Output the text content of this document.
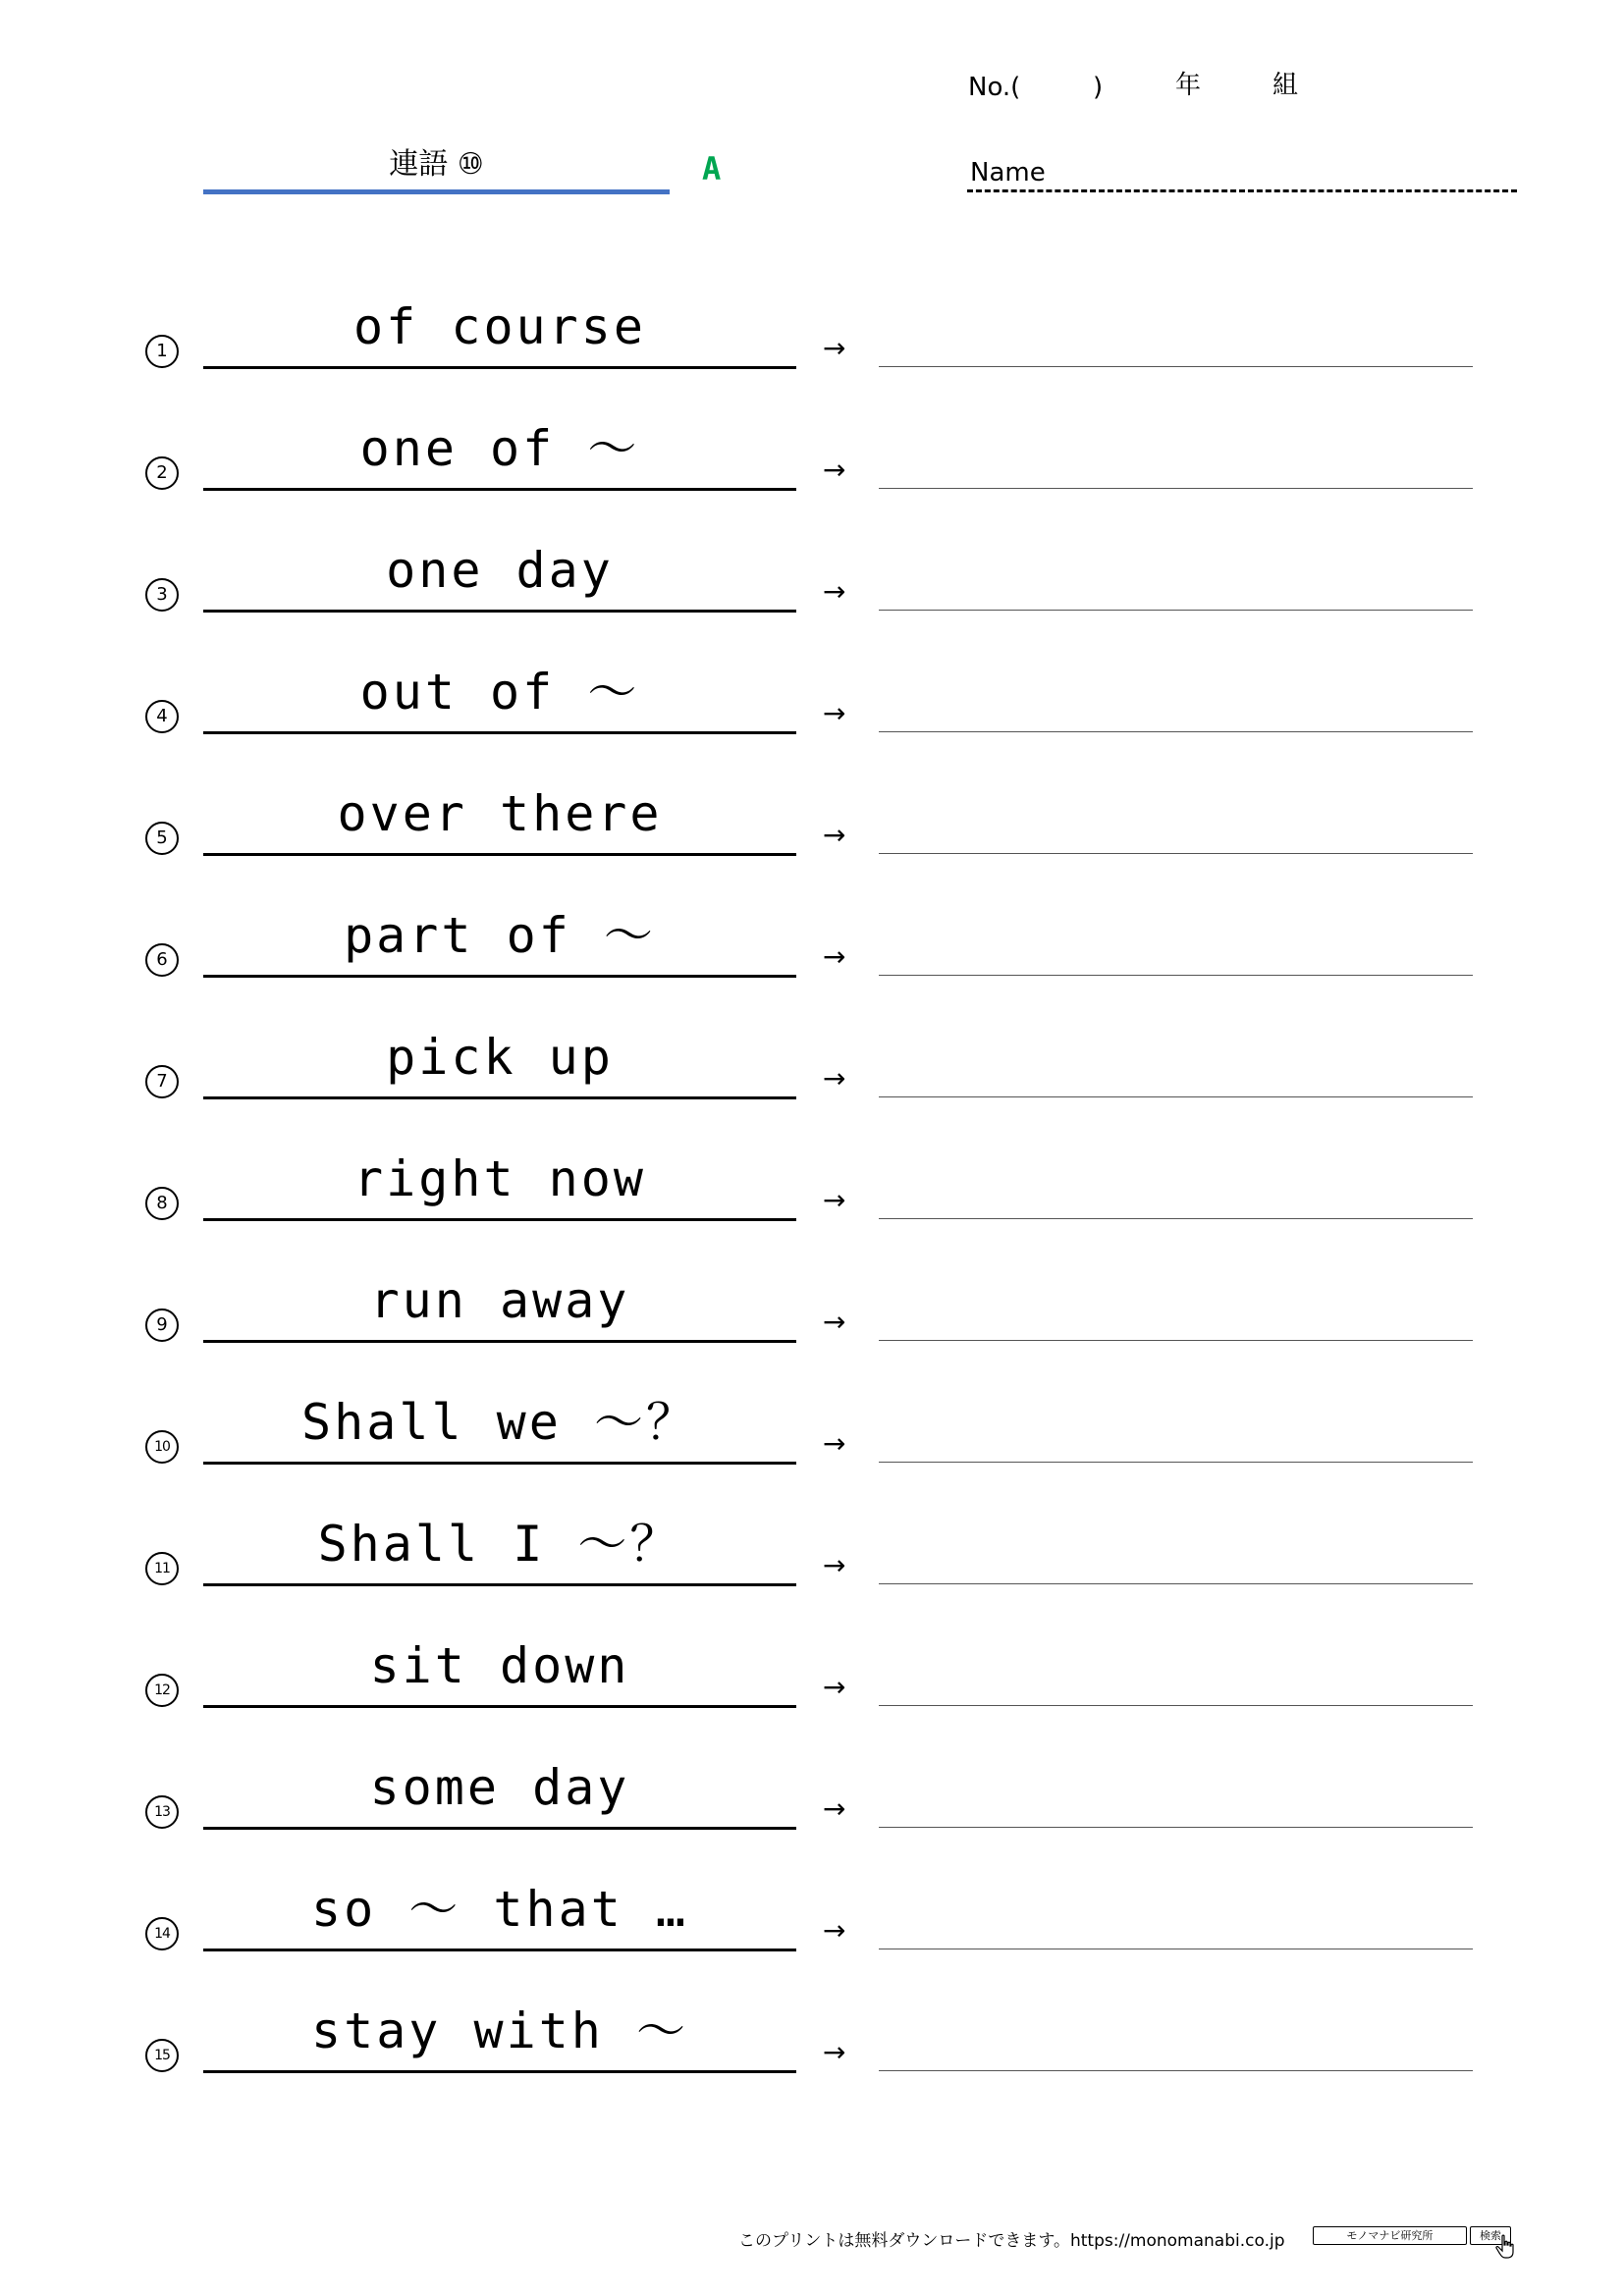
No.(	)	年	組
連語 ⑩	A	Name
1	of course	→
2	one of ～	→
3	one day	→
4	out of ～	→
5	over there	→
6	part of ～	→
7	pick up	→
8	right now	→
9	run away	→
10	Shall we ～？	→
11	Shall I ～？	→
12	sit down	→
13	some day	→
14	so ～ that …	→
15	stay with ～	→
このプリントは無料ダウンロードできます。https://monomanabi.co.jp	モノマナビ研究所	検索
